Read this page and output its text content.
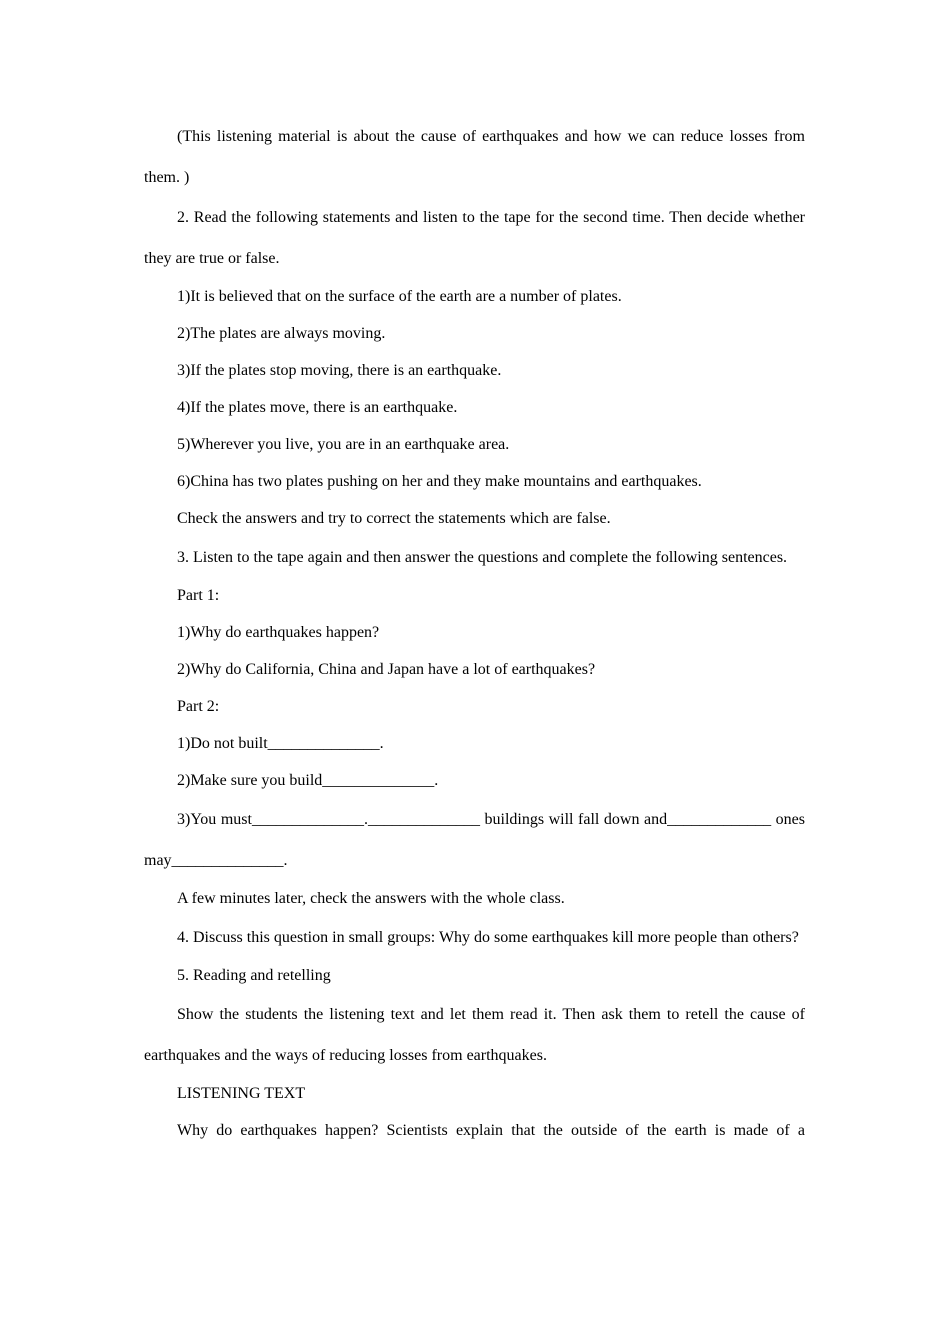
(This listening material is about the cause of earthquakes and how we can reduce losses from them. )

2. Read the following statements and listen to the tape for the second time. Then decide whether they are true or false.

1)It is believed that on the surface of the earth are a number of plates.

2)The plates are always moving.

3)If the plates stop moving, there is an earthquake.

4)If the plates move, there is an earthquake.

5)Wherever you live, you are in an earthquake area.

6)China has two plates pushing on her and they make mountains and earthquakes.

Check the answers and try to correct the statements which are false.

3. Listen to the tape again and then answer the questions and complete the following sentences.

Part 1:

1)Why do earthquakes happen?

2)Why do California, China and Japan have a lot of earthquakes?

Part 2:

1)Do not built______________.

2)Make sure you build______________.

3)You must______________.______________ buildings will fall down and_____________ ones may______________.

A few minutes later, check the answers with the whole class.

4. Discuss this question in small groups: Why do some earthquakes kill more people than others?

5. Reading and retelling

Show the students the listening text and let them read it. Then ask them to retell the cause of earthquakes and the ways of reducing losses from earthquakes.

LISTENING TEXT

Why do earthquakes happen? Scientists explain that the outside of the earth is made of a
